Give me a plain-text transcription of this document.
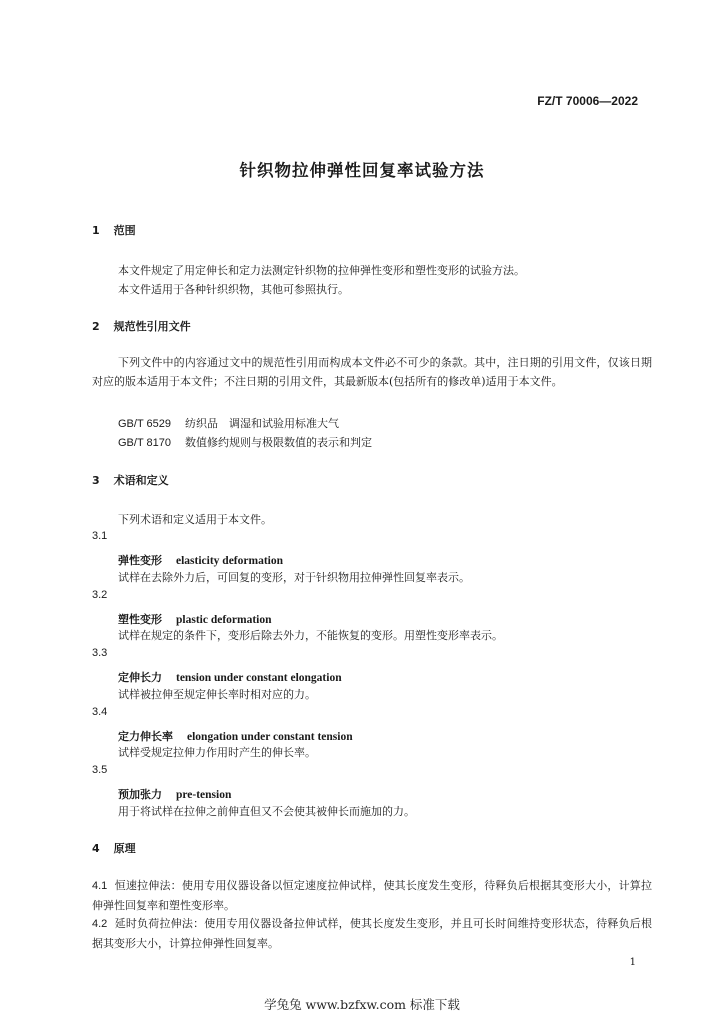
FZ/T 70006—2022
针织物拉伸弹性回复率试验方法
1 范围
本文件规定了用定伸长和定力法测定针织物的拉伸弹性变形和塑性变形的试验方法。
本文件适用于各种针织织物，其他可参照执行。
2 规范性引用文件
下列文件中的内容通过文中的规范性引用而构成本文件必不可少的条款。其中，注日期的引用文件，仅该日期对应的版本适用于本文件；不注日期的引用文件，其最新版本(包括所有的修改单)适用于本文件。
GB/T 6529 纺织品　调湿和试验用标准大气
GB/T 8170 数值修约规则与极限数值的表示和判定
3 术语和定义
下列术语和定义适用于本文件。
3.1
弹性变形 elasticity deformation
试样在去除外力后，可回复的变形，对于针织物用拉伸弹性回复率表示。
3.2
塑性变形 plastic deformation
试样在规定的条件下，变形后除去外力，不能恢复的变形。用塑性变形率表示。
3.3
定伸长力 tension under constant elongation
试样被拉伸至规定伸长率时相对应的力。
3.4
定力伸长率 elongation under constant tension
试样受规定拉伸力作用时产生的伸长率。
3.5
预加张力 pre-tension
用于将试样在拉伸之前伸直但又不会使其被伸长而施加的力。
4 原理
4.1 恒速拉伸法：使用专用仪器设备以恒定速度拉伸试样，使其长度发生变形，待释负后根据其变形大小，计算拉伸弹性回复率和塑性变形率。
4.2 延时负荷拉伸法：使用专用仪器设备拉伸试样，使其长度发生变形，并且可长时间维持变形状态，待释负后根据其变形大小，计算拉伸弹性回复率。
1
学兔兔 www.bzfxw.com 标准下载
